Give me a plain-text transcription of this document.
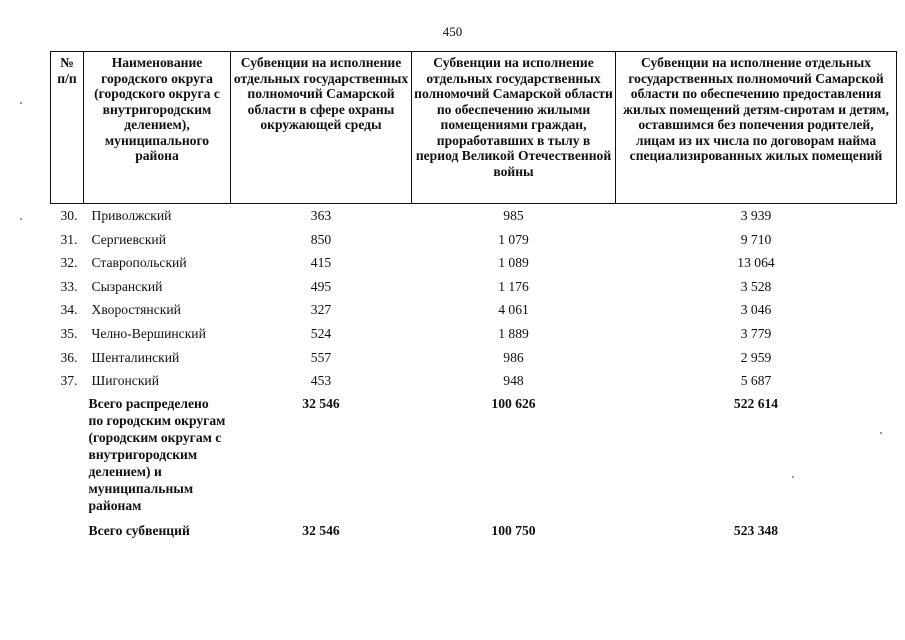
450
№ п/п	Наименование городского округа (городского округа с внутригородским делением), муниципального района	Субвенции на исполнение отдельных государственных полномочий Самарской области в сфере охраны окружающей среды	Субвенции на исполнение отдельных государственных полномочий Самарской области по обеспечению жилыми помещениями граждан, проработавших в тылу в период Великой Отечественной войны	Субвенции на исполнение отдельных государственных полномочий Самарской области по обеспечению предоставления жилых помещений детям-сиротам и детям, оставшимся без попечения родителей, лицам из их числа по договорам найма специализированных жилых помещений
30.	Приволжский	363	985	3 939
31.	Сергиевский	850	1 079	9 710
32.	Ставропольский	415	1 089	13 064
33.	Сызранский	495	1 176	3 528
34.	Хворостянский	327	4 061	3 046
35.	Челно-Вершинский	524	1 889	3 779
36.	Шенталинский	557	986	2 959
37.	Шигонский	453	948	5 687
	Всего распределено по городским округам (городским округам с внутригородским делением) и муниципальным районам	32 546	100 626	522 614
	Всего субвенций	32 546	100 750	523 348
